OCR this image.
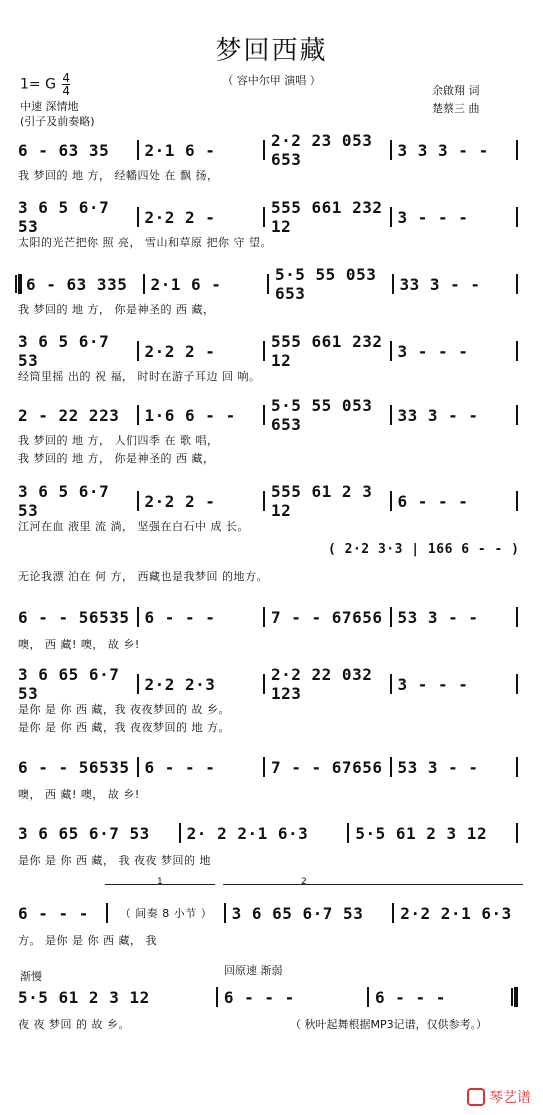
梦回西藏
（ 容中尔甲 演唱 ）
1= G $\frac{4}{4}$
中速 深情地
(引子及前奏略)
余啟翔 词
楚蔡三 曲
6 - 63 35	2·1 6 -	2·2 23 053 653	3 3 3 - -
我 梦回的 地 方， 经幡四处 在 飘 扬，
3 6 5 6·7 53	2·2 2 -	555 661 232 12	3 - - -
太阳的光芒把你 照 亮， 雪山和草原 把你 守 望。
6 - 63 335	2·1 6 -	5·5 55 053 653	33 3 - -
我 梦回的 地 方， 你是神圣的 西 藏，
3 6 5 6·7 53	2·2 2 -	555 661 232 12	3 - - -
经筒里摇 出的 祝 福， 时时在游子耳边 回 响。
2 - 22 223	1·6 6 - -	5·5 55 053 653	33 3 - -
我 梦回的 地 方， 人们四季 在 歌 唱，
我 梦回的 地 方， 你是神圣的 西 藏，
3 6 5 6·7 53	2·2 2 -	555 61 2 3 12	6 - - -
江河在血 液里 流 淌， 坚强在白石中 成 长。
( 2·2 3·3 | 166 6 - - )
无论我漂 泊在 何 方， 西藏也是我梦回 的地方。
6 - - 56535 6 - - -	7 - - 67656 53 3 - -
噢， 西 藏! 噢， 故 乡!
3 6 65 6·7 53	2·2 2·3	2·2 22 032 123	3 - - -
是你 是 你 西 藏，我 夜夜梦回的 故 乡。
是你 是 你 西 藏，我 夜夜梦回的 地 方。
6 - - 56535 6 - - -	7 - - 67656 53 3 - -
噢， 西 藏! 噢， 故 乡!
3 6 65 6·7 53	2· 2 2·1 6·3	5·5 61 2 3 12
是你 是 你 西 藏， 我 夜夜 梦回的 地
1	2
6 - - -	（ 间奏 8 小节 ）	3 6 65 6·7 53	2·2 2·1 6·3
方。 是你 是 你 西 藏， 我
渐慢	回原速 渐弱
5·5 61 2 3 12	6 - - -	6 - - -
夜 夜 梦回 的 故 乡。	（ 秋叶起舞根据MP3记谱，仅供参考。）
琴艺谱
